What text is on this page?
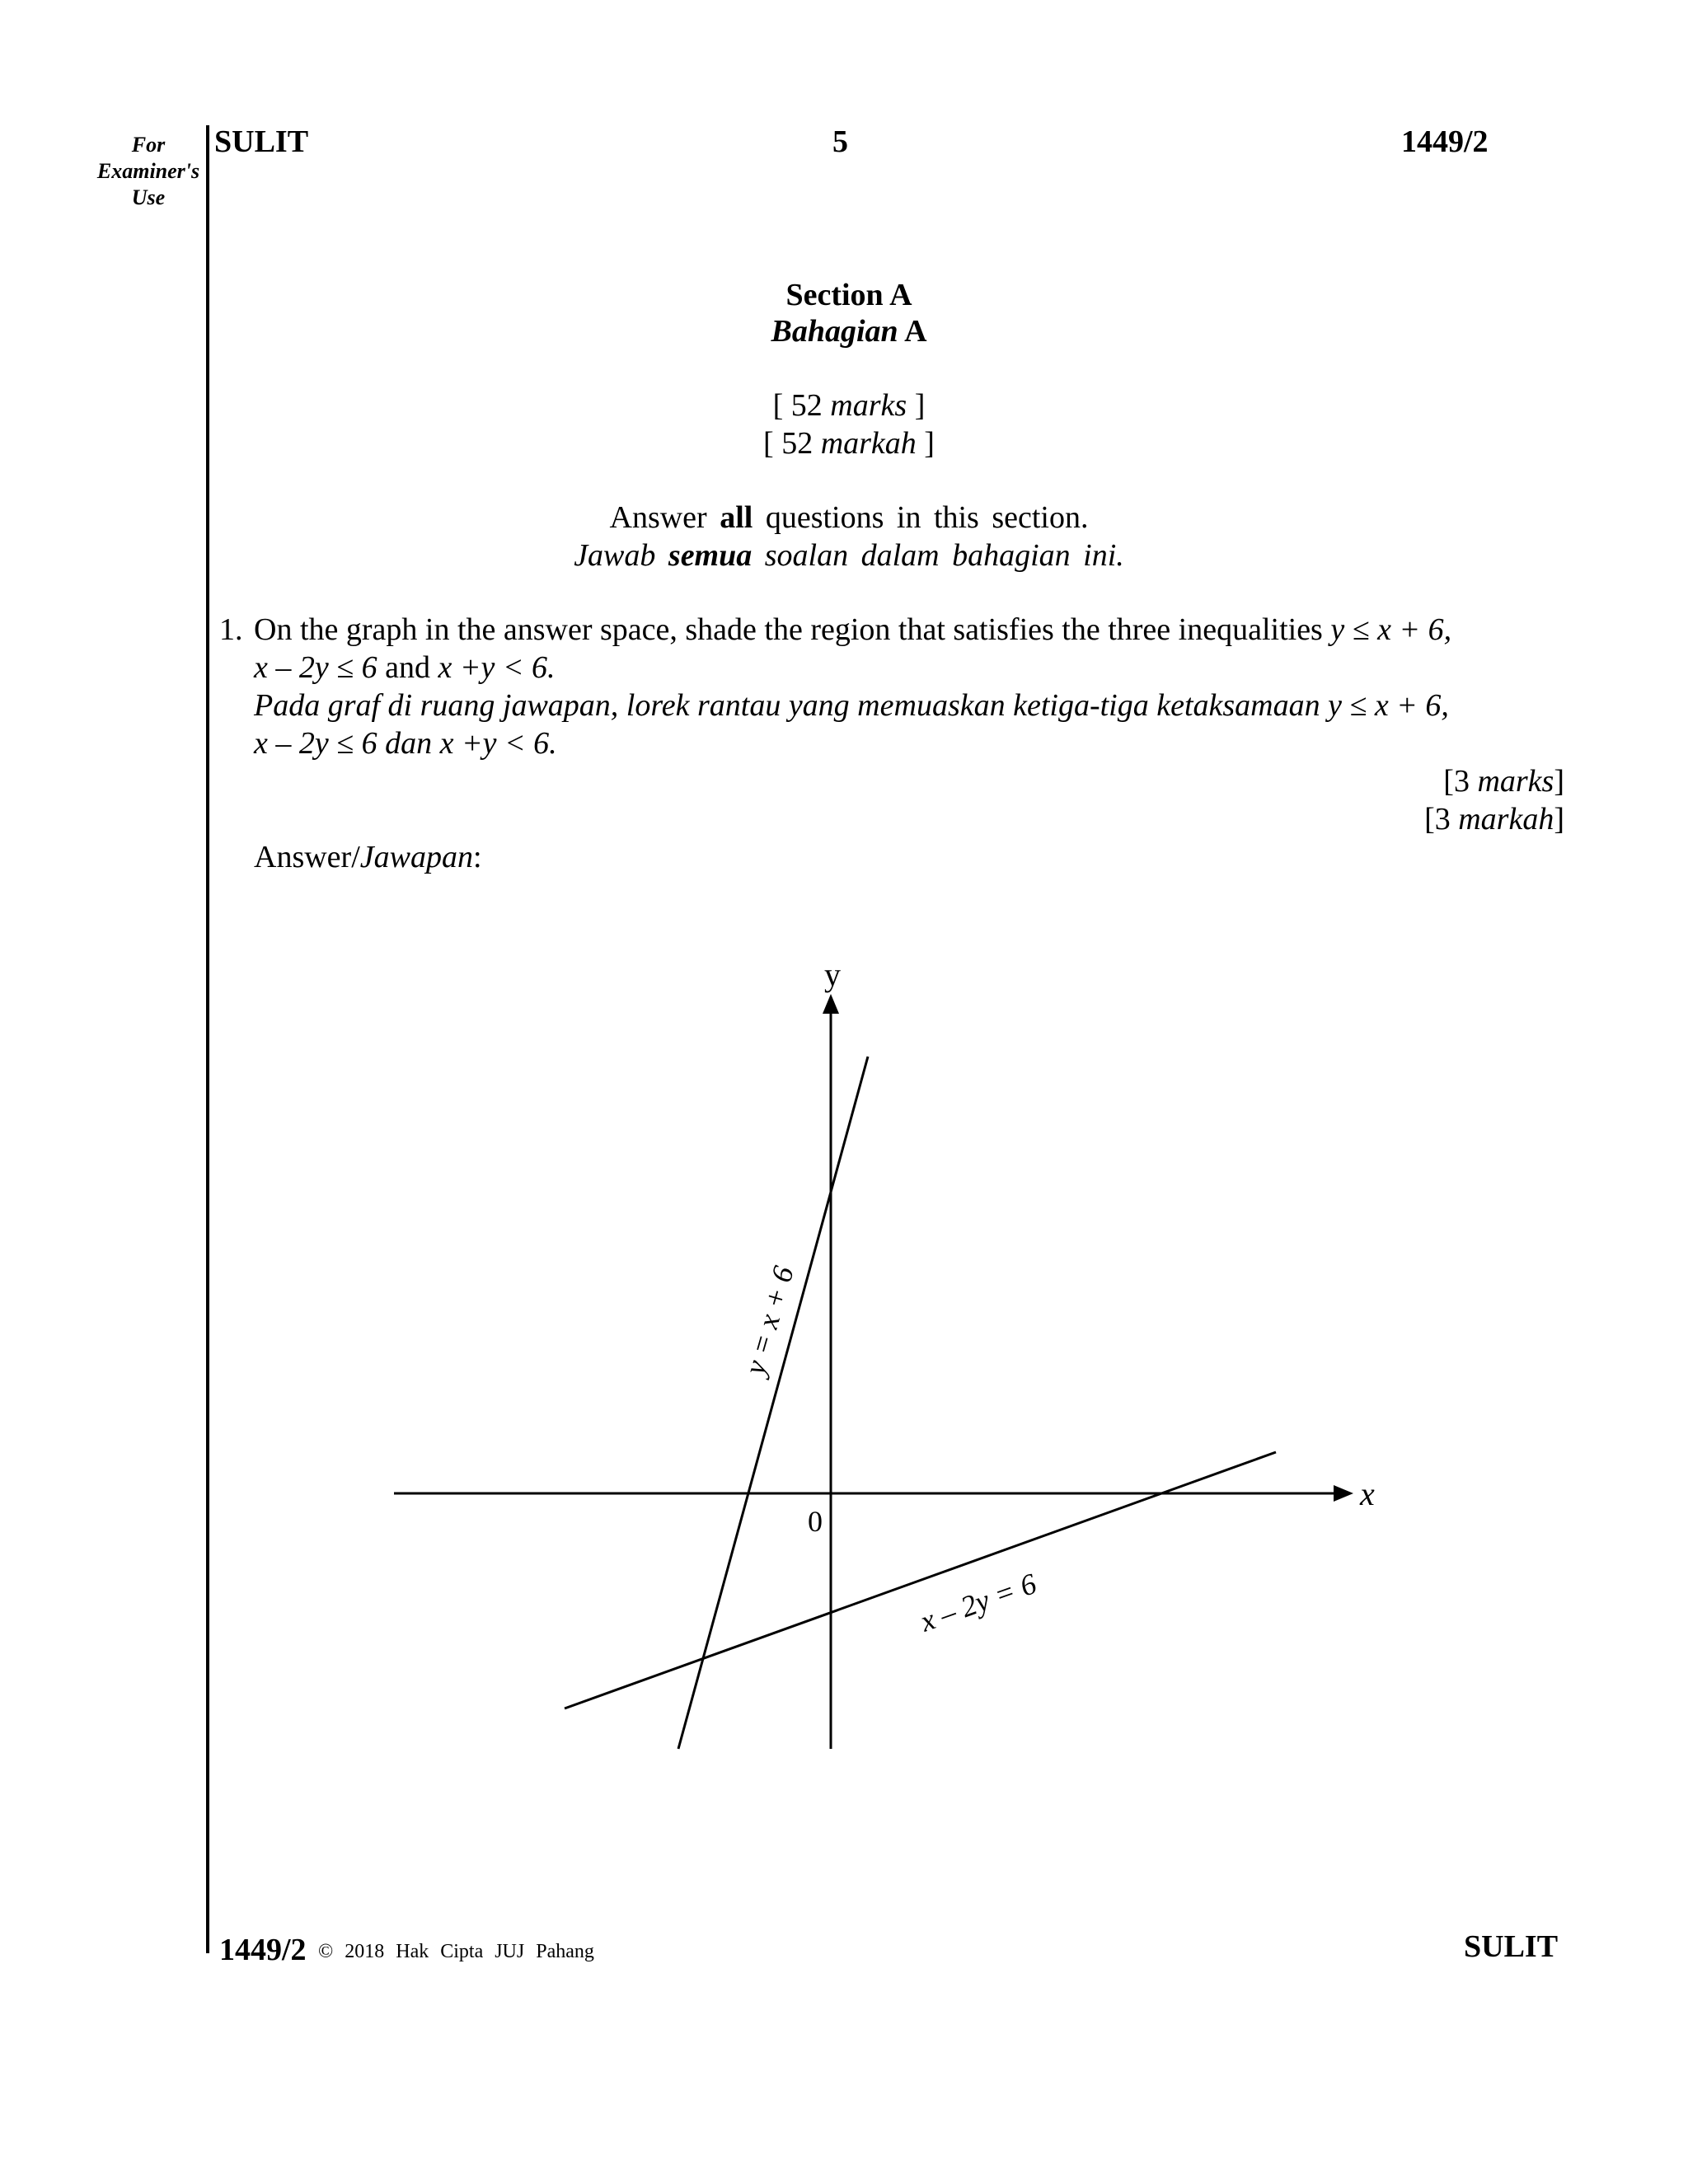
For
Examiner's
Use
SULIT	5	1449/2
Section A
Bahagian A
[ 52 marks ]
[ 52 markah ]
Answer all questions in this section.
Jawab semua soalan dalam bahagian ini.
1. On the graph in the answer space, shade the region that satisfies the three inequalities y ≤ x + 6,
x – 2y ≤ 6 and x +y < 6.
Pada graf di ruang jawapan, lorek rantau yang memuaskan ketiga-tiga ketaksamaan y ≤ x + 6,
x – 2y ≤ 6 dan x +y < 6.
[3 marks]
[3 markah]
Answer/Jawapan:
y
x
0
y = x + 6
x – 2y = 6
1449/2 © 2018 Hak Cipta JUJ Pahang	SULIT
